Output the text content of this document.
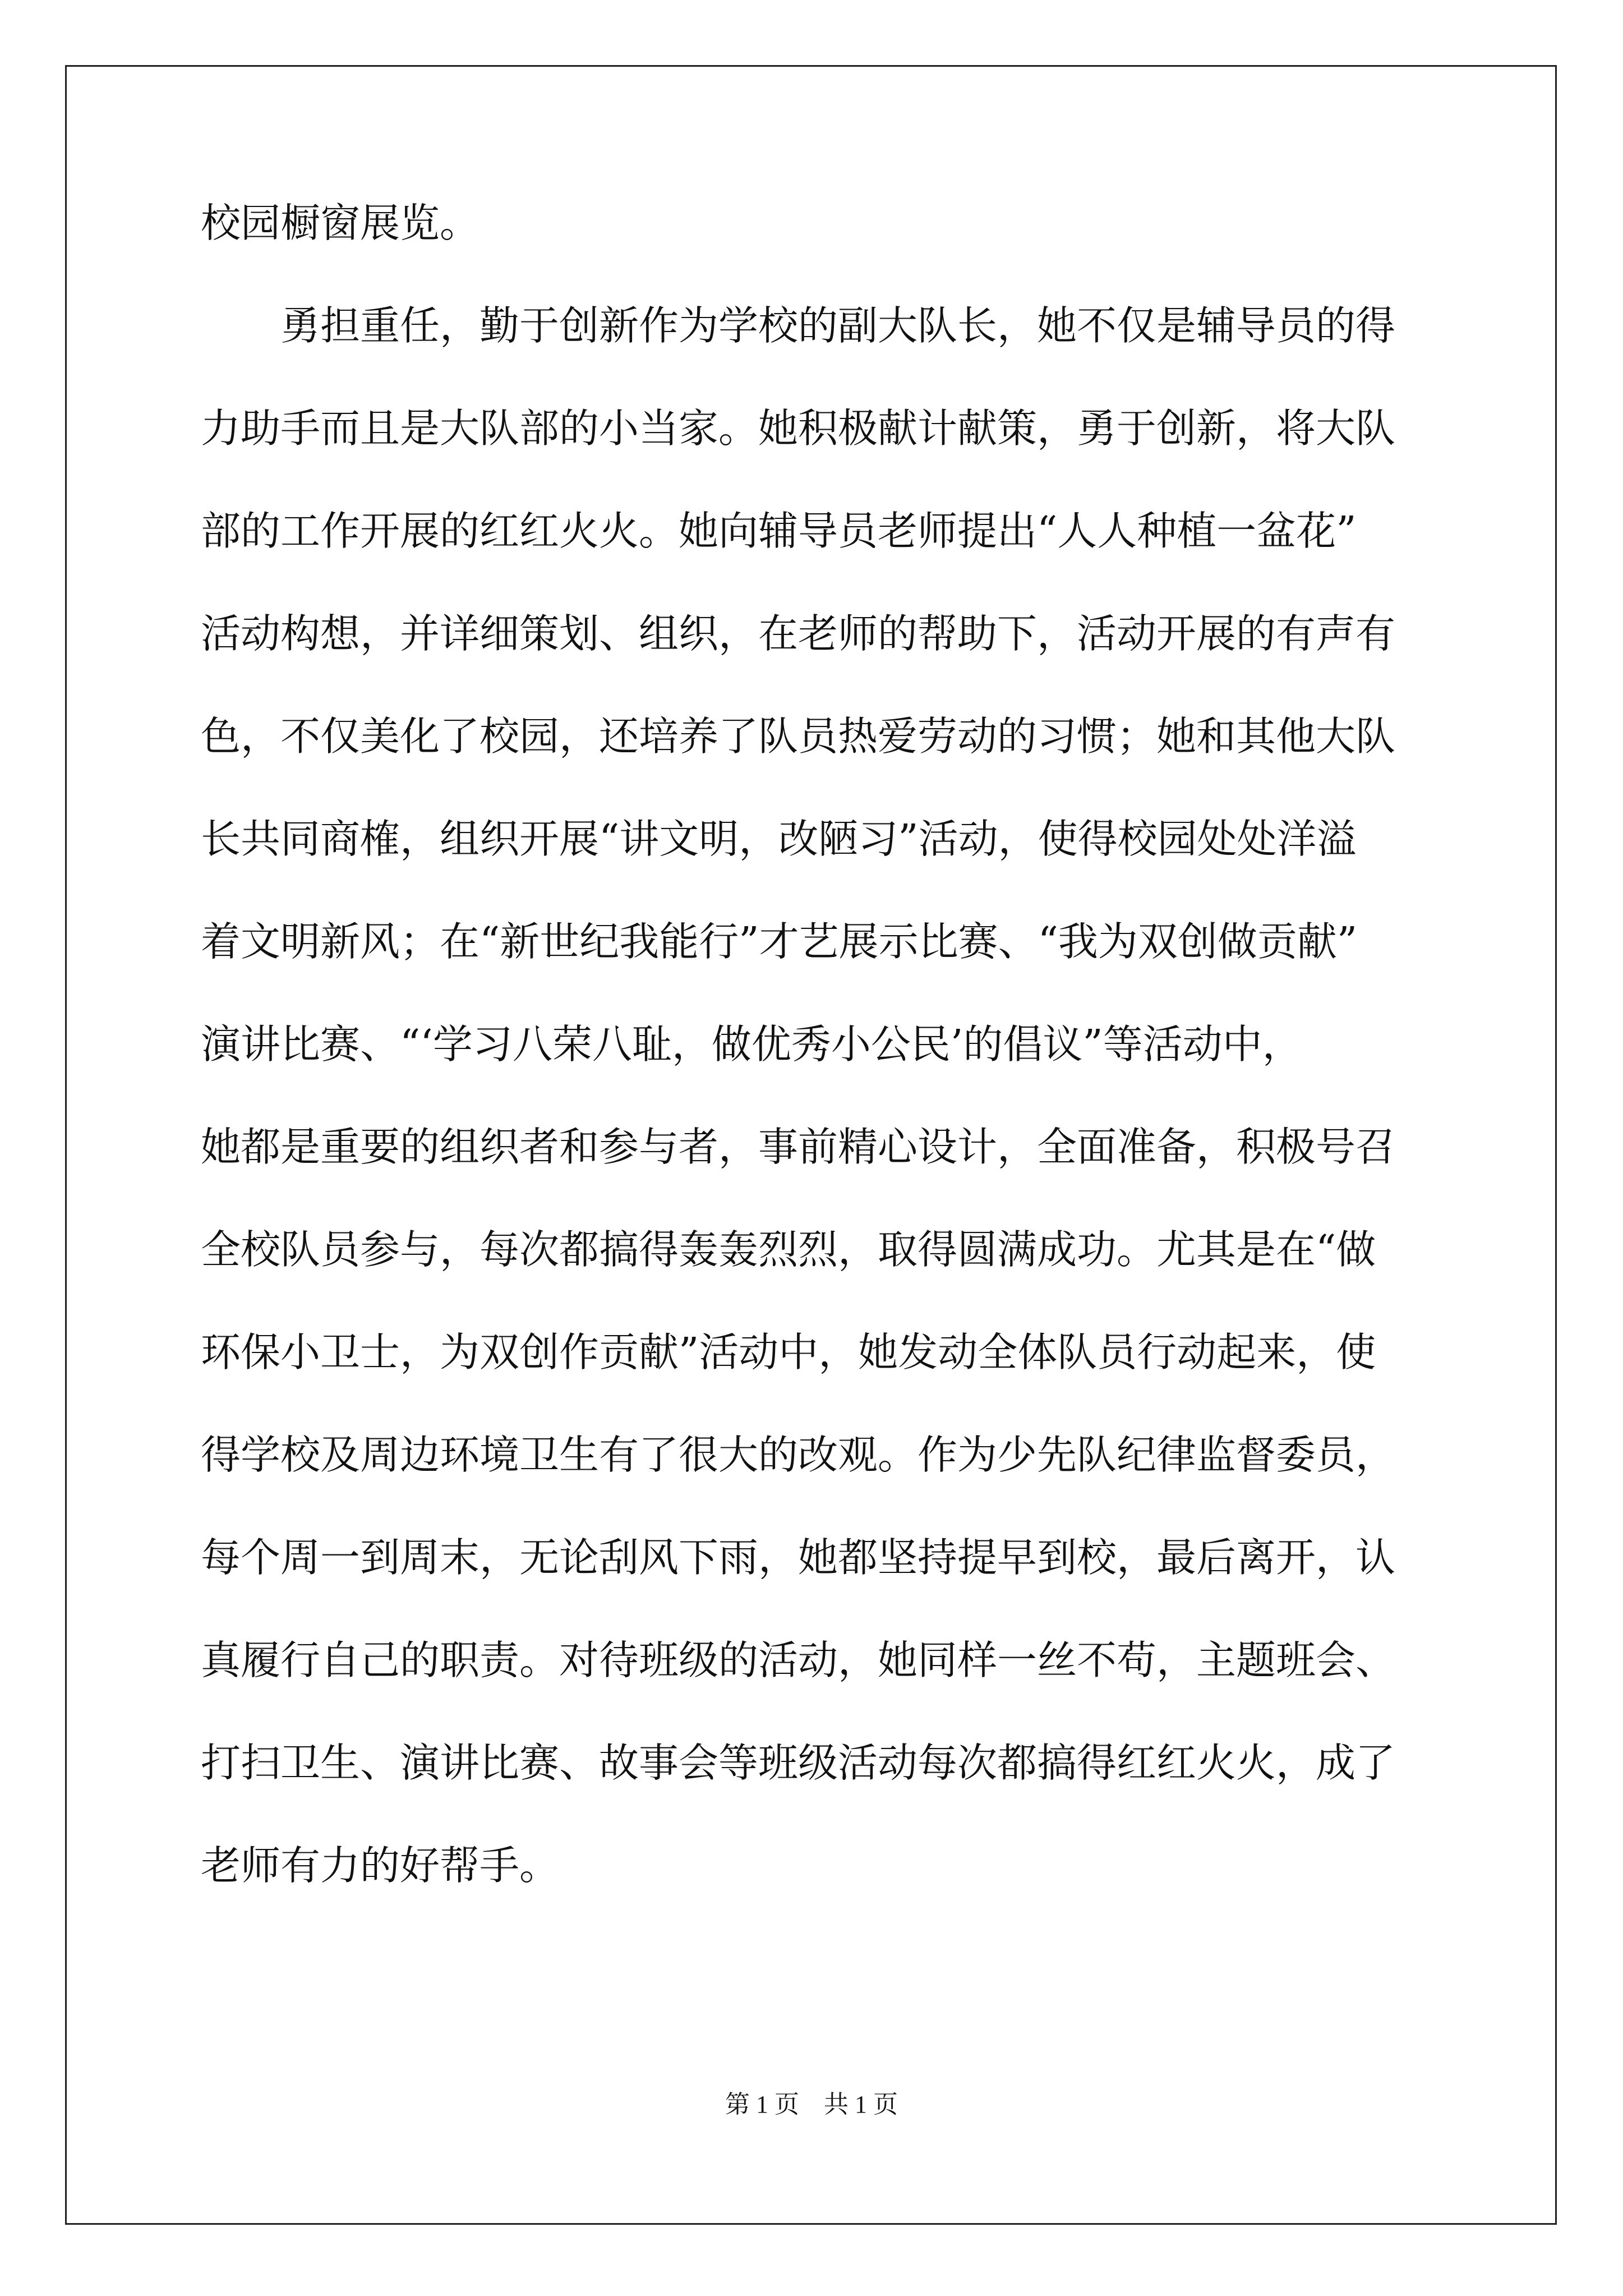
校园橱窗展览。
　　勇担重任，勤于创新作为学校的副大队长，她不仅是辅导员的得
力助手而且是大队部的小当家。她积极献计献策，勇于创新，将大队
部的工作开展的红红火火。她向辅导员老师提出“人人种植一盆花”
活动构想，并详细策划、组织，在老师的帮助下，活动开展的有声有
色，不仅美化了校园，还培养了队员热爱劳动的习惯；她和其他大队
长共同商榷，组织开展“讲文明，改陋习”活动，使得校园处处洋溢
着文明新风；在“新世纪我能行”才艺展示比赛、“我为双创做贡献”
演讲比赛、“‘学习八荣八耻，做优秀小公民’的倡议”等活动中，
她都是重要的组织者和参与者，事前精心设计，全面准备，积极号召
全校队员参与，每次都搞得轰轰烈烈，取得圆满成功。尤其是在“做
环保小卫士，为双创作贡献”活动中，她发动全体队员行动起来，使
得学校及周边环境卫生有了很大的改观。作为少先队纪律监督委员，
每个周一到周末，无论刮风下雨，她都坚持提早到校，最后离开，认
真履行自己的职责。对待班级的活动，她同样一丝不苟，主题班会、
打扫卫生、演讲比赛、故事会等班级活动每次都搞得红红火火，成了
老师有力的好帮手。
第 1 页　共 1 页
